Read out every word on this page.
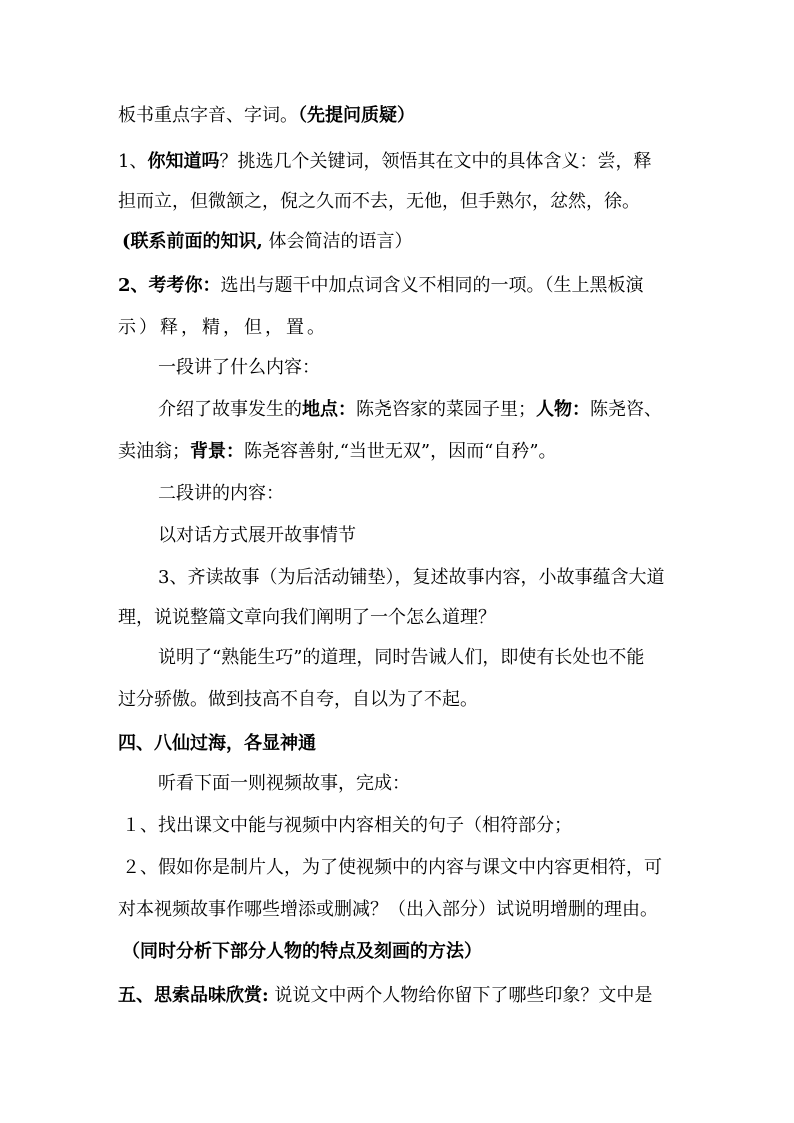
板书重点字音、字词。（先提问质疑）
1、你知道吗？挑选几个关键词，领悟其在文中的具体含义：尝，释
担而立，但微颔之，倪之久而不去，无他，但手熟尔，忿然，徐。
(联系前面的知识, 体会简洁的语言）
2、考考你：选出与题干中加点词含义不相同的一项。（生上黑板演
示）释，精，但，置。
一段讲了什么内容：
介绍了故事发生的地点：陈尧咨家的菜园子里；人物：陈尧咨、
卖油翁；背景：陈尧容善射,“当世无双”，因而“自矜”。
二段讲的内容：
以对话方式展开故事情节
3、齐读故事（为后活动铺垫），复述故事内容，小故事蕴含大道
理，说说整篇文章向我们阐明了一个怎么道理？
说明了“熟能生巧”的道理，同时告诫人们，即使有长处也不能
过分骄傲。做到技高不自夸，自以为了不起。
四、八仙过海，各显神通
听看下面一则视频故事，完成：
１、找出课文中能与视频中内容相关的句子（相符部分；
２、假如你是制片人，为了使视频中的内容与课文中内容更相符，可
对本视频故事作哪些增添或删减？（出入部分）试说明增删的理由。
（同时分析下部分人物的特点及刻画的方法）
五、思索品味欣赏: 说说文中两个人物给你留下了哪些印象？文中是
